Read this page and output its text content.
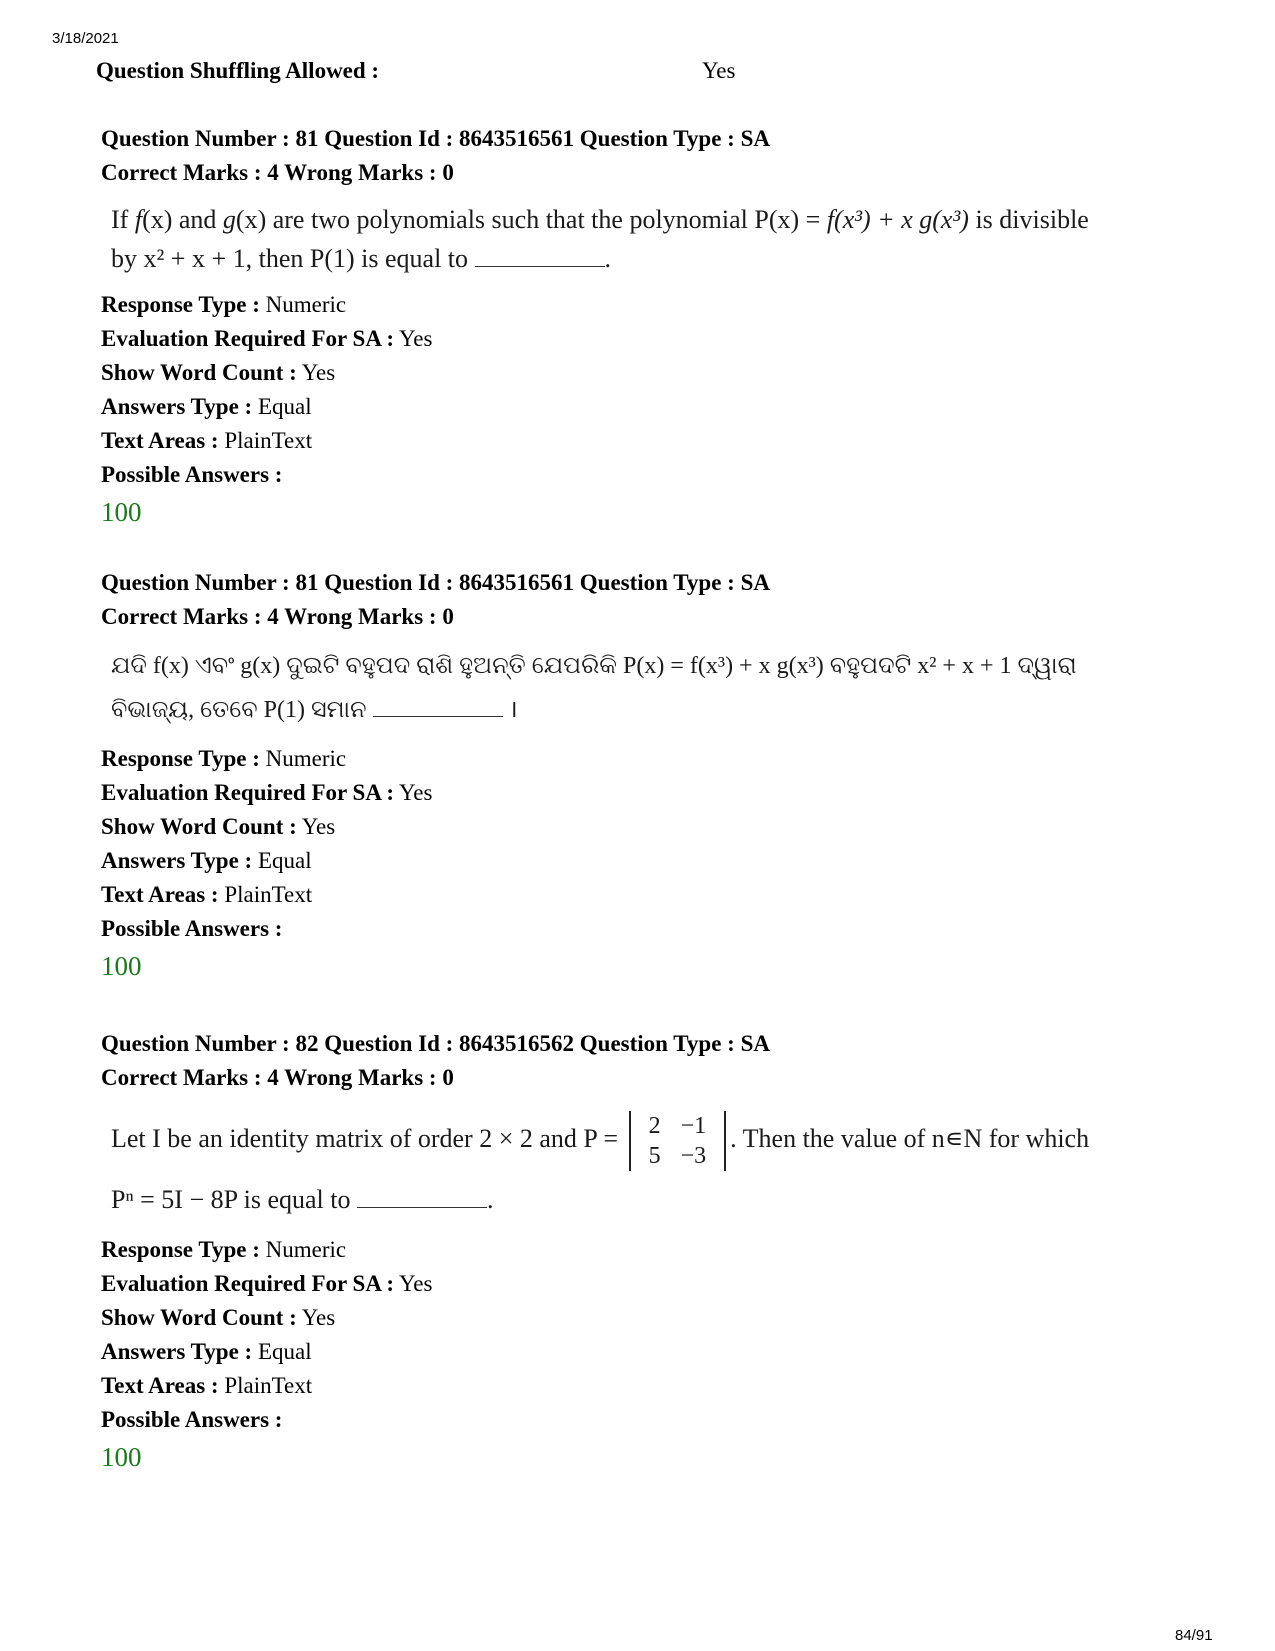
3/18/2021
Question Shuffling Allowed :	Yes
Question Number : 81 Question Id : 8643516561 Question Type : SA
Correct Marks : 4 Wrong Marks : 0
If f(x) and g(x) are two polynomials such that the polynomial P(x) = f(x³) + x g(x³) is divisible
by x² + x + 1, then P(1) is equal to	.
Response Type : Numeric
Evaluation Required For SA : Yes
Show Word Count : Yes
Answers Type : Equal
Text Areas : PlainText
Possible Answers :
100
Question Number : 81 Question Id : 8643516561 Question Type : SA
Correct Marks : 4 Wrong Marks : 0
ଯଦି f(x) ଏବଂ g(x) ଦୁଇଟି ବହୁପଦ ରାଶି ହୁଅନ୍ତି ଯେପରିକି P(x) = f(x³) + x g(x³) ବହୁପଦଟି x² + x + 1 ଦ୍ୱାରା
ବିଭାଜ୍ୟ, ତେବେ P(1) ସମାନ	।
Response Type : Numeric
Evaluation Required For SA : Yes
Show Word Count : Yes
Answers Type : Equal
Text Areas : PlainText
Possible Answers :
100
Question Number : 82 Question Id : 8643516562 Question Type : SA
Correct Marks : 4 Wrong Marks : 0
Let I be an identity matrix of order 2 × 2 and P = 2	−1
5	−3
. Then the value of n∊N for which
Pⁿ = 5I − 8P is equal to	.
Response Type : Numeric
Evaluation Required For SA : Yes
Show Word Count : Yes
Answers Type : Equal
Text Areas : PlainText
Possible Answers :
100
84/91
